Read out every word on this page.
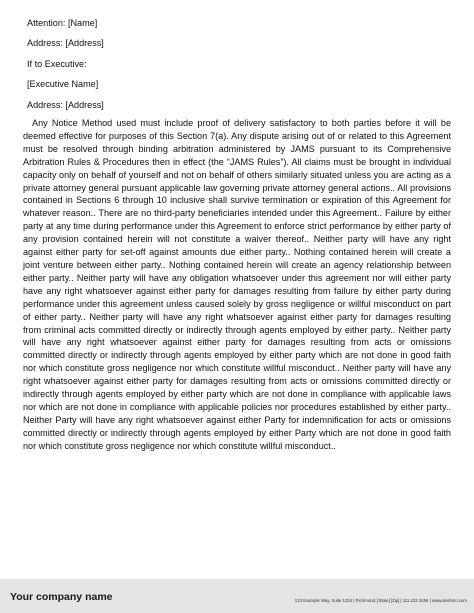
Attention: [Name]
Address: [Address]
If to Executive:
[Executive Name]
Address: [Address]

Any Notice Method used must include proof of delivery satisfactory to both parties before it will be deemed effective for purposes of this Section 7(a). Any dispute arising out of or related to this Agreement must be resolved through binding arbitration administered by JAMS pursuant to its Comprehensive Arbitration Rules & Procedures then in effect (the “JAMS Rules”). All claims must be brought in individual capacity only on behalf of yourself and not on behalf of others similarly situated unless you are acting as a private attorney general pursuant applicable law governing private attorney general actions.. All provisions contained in Sections 6 through 10 inclusive shall survive termination or expiration of this Agreement for whatever reason.. There are no third-party beneficiaries intended under this Agreement.. Failure by either party at any time during performance under this Agreement to enforce strict performance by either party of any provision contained herein will not constitute a waiver thereof.. Neither party will have any right against either party for set-off against amounts due either party.. Nothing contained herein will create a joint venture between either party.. Nothing contained herein will create an agency relationship between either party.. Neither party will have any obligation whatsoever under this agreement nor will either party have any right whatsoever against either party for damages resulting from failure by either party during performance under this agreement unless caused solely by gross negligence or willful misconduct on part of either party.. Neither party will have any right whatsoever against either party for damages resulting from criminal acts committed directly or indirectly through agents employed by either party.. Neither party will have any right whatsoever against either party for damages resulting from acts or omissions committed directly or indirectly through agents employed by either party which are not done in good faith nor which constitute gross negligence nor which constitute willful misconduct.. Neither party will have any right whatsoever against either party for damages resulting from acts or omissions committed directly or indirectly through agents employed by either party which are not done in compliance with applicable laws nor which are not done in compliance with applicable policies nor procedures established by either party.. Neither Party will have any right whatsoever against either Party for indemnification for acts or omissions committed directly or indirectly through agents employed by either Party which are not done in good faith nor which constitute gross negligence nor which constitute willful misconduct..

Your company name	123 Example Way, Suite 1234 | Richmond, [State] [Zip] | 111.222.3456 | www.dexform.com
